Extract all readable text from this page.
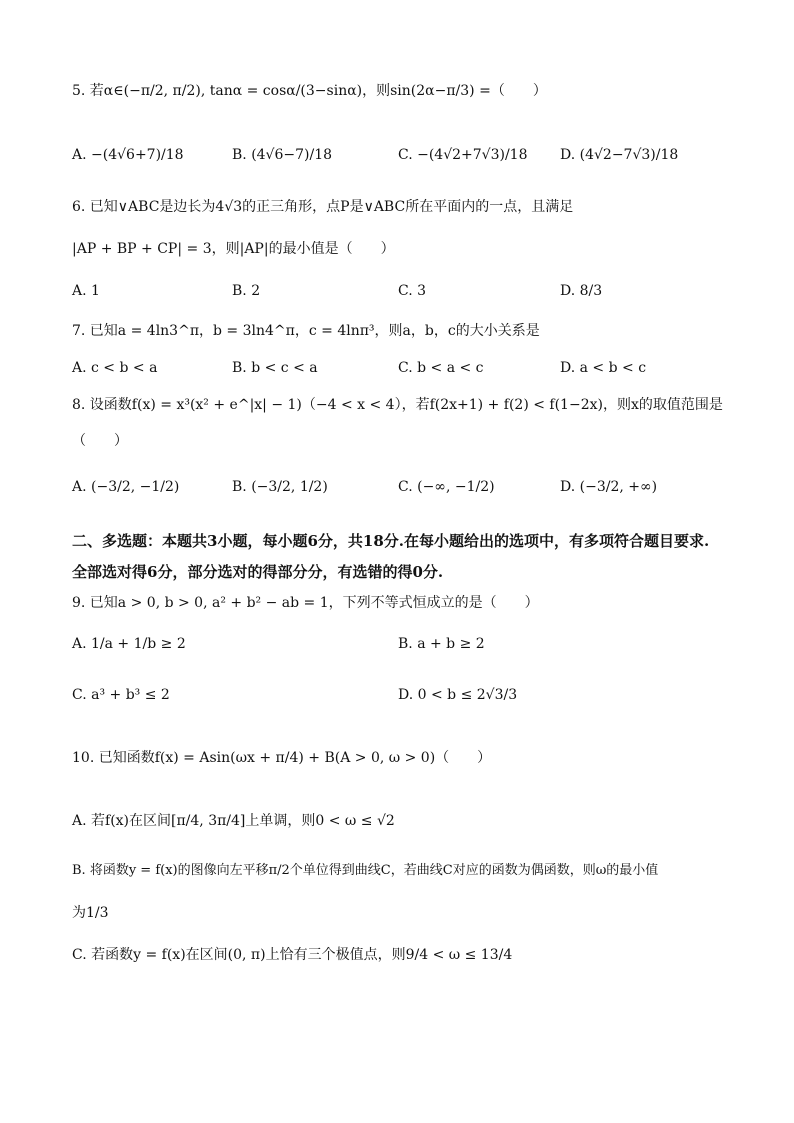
5. 若α∈(−π/2, π/2), tanα = cosα/(3−sinα)，则sin(2α−π/3) =（　　）
A. −(4√6+7)/18	B. (4√6−7)/18	C. −(4√2+7√3)/18 D. (4√2−7√3)/18
6. 已知∨ABC是边长为4√3的正三角形，点P是∨ABC所在平面内的一点，且满足
|AP + BP + CP| = 3，则|AP|的最小值是（　　）
A. 1	B. 2	C. 3	D. 8/3
7. 已知a = 4ln3^π，b = 3ln4^π，c = 4lnπ³，则a，b，c的大小关系是
A. c < b < a	B. b < c < a	C. b < a < c	D. a < b < c
8. 设函数f(x) = x³(x² + e^|x| − 1)（−4 < x < 4），若f(2x+1) + f(2) < f(1−2x)，则x的取值范围是
（　　）
A. (−3/2, −1/2)	B. (−3/2, 1/2)	C. (−∞, −1/2)	D. (−3/2, +∞)
二、多选题：本题共3小题，每小题6分，共18分.在每小题给出的选项中，有多项符合题目要求.全部选对得6分，部分选对的得部分分，有选错的得0分.
9. 已知a > 0, b > 0, a² + b² − ab = 1，下列不等式恒成立的是（　　）
A. 1/a + 1/b ≥ 2	B. a + b ≥ 2
C. a³ + b³ ≤ 2	D. 0 < b ≤ 2√3/3
10. 已知函数f(x) = Asin(ωx + π/4) + B(A > 0, ω > 0)（　　）
A. 若f(x)在区间[π/4, 3π/4]上单调，则0 < ω ≤ √2
B. 将函数y = f(x)的图像向左平移π/2个单位得到曲线C，若曲线C对应的函数为偶函数，则ω的最小值
为1/3
C. 若函数y = f(x)在区间(0, π)上恰有三个极值点，则9/4 < ω ≤ 13/4
